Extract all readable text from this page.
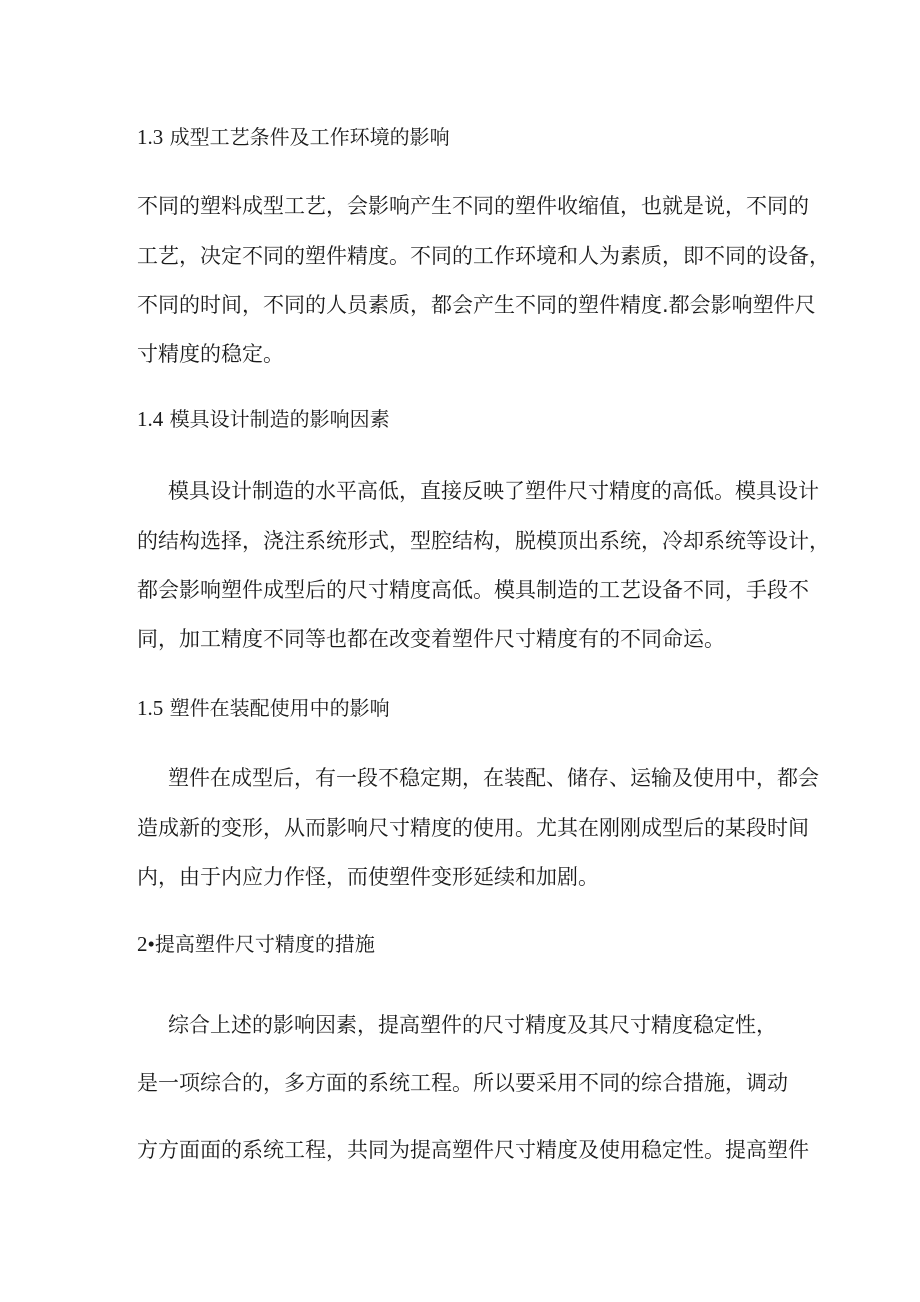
1.3 成型工艺条件及工作环境的影响
不同的塑料成型工艺，会影响产生不同的塑件收缩值，也就是说，不同的
工艺，决定不同的塑件精度。不同的工作环境和人为素质，即不同的设备，
不同的时间，不同的人员素质，都会产生不同的塑件精度.都会影响塑件尺
寸精度的稳定。
1.4 模具设计制造的影响因素
模具设计制造的水平高低，直接反映了塑件尺寸精度的高低。模具设计
的结构选择，浇注系统形式，型腔结构，脱模顶出系统，冷却系统等设计，
都会影响塑件成型后的尺寸精度高低。模具制造的工艺设备不同，手段不
同，加工精度不同等也都在改变着塑件尺寸精度有的不同命运。
1.5 塑件在装配使用中的影响
塑件在成型后，有一段不稳定期，在装配、储存、运输及使用中，都会
造成新的变形，从而影响尺寸精度的使用。尤其在刚刚成型后的某段时间
内，由于内应力作怪，而使塑件变形延续和加剧。
2•提高塑件尺寸精度的措施
综合上述的影响因素，提高塑件的尺寸精度及其尺寸精度稳定性，
是一项综合的，多方面的系统工程。所以要采用不同的综合措施，调动
方方面面的系统工程，共同为提高塑件尺寸精度及使用稳定性。提高塑件
